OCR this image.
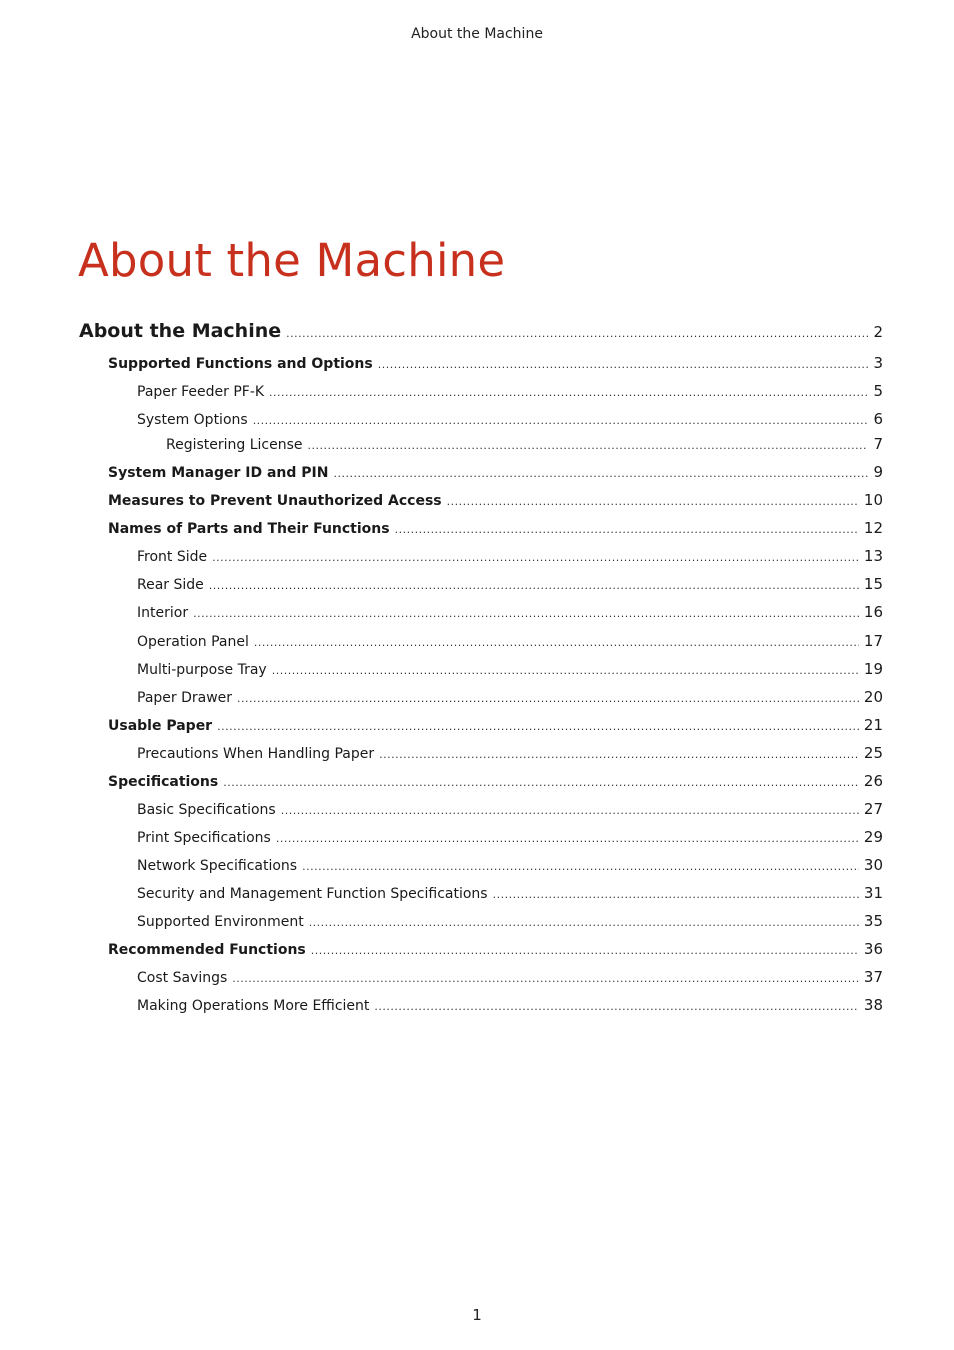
About the Machine
About the Machine
About the Machine .....	2
Supported Functions and Options .....	3
Paper Feeder PF-K .....	5
System Options .....	6
Registering License .....	7
System Manager ID and PIN .....	9
Measures to Prevent Unauthorized Access .....	10
Names of Parts and Their Functions .....	12
Front Side .....	13
Rear Side .....	15
Interior .....	16
Operation Panel .....	17
Multi-purpose Tray .....	19
Paper Drawer .....	20
Usable Paper .....	21
Precautions When Handling Paper .....	25
Specifications .....	26
Basic Specifications .....	27
Print Specifications .....	29
Network Specifications .....	30
Security and Management Function Specifications .....	31
Supported Environment .....	35
Recommended Functions .....	36
Cost Savings .....	37
Making Operations More Efficient .....	38
1
